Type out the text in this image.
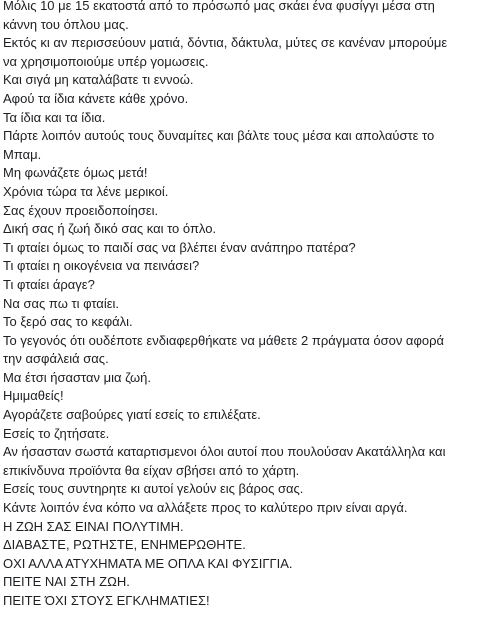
Μόλις 10 με 15 εκατοστά από το πρόσωπό μας σκάει ένα φυσίγγι μέσα στη
κάννη του όπλου μας.
Εκτός κι αν περισσεύουν ματιά, δόντια, δάκτυλα, μύτες σε κανέναν μπορούμε
να χρησιμοποιούμε υπέρ γομωσεις.
Και σιγά μη καταλάβατε τι εννοώ.
Αφού τα ίδια κάνετε κάθε χρόνο.
Τα ίδια και τα ίδια.
Πάρτε λοιπόν αυτούς τους δυναμίτες και βάλτε τους μέσα και απολαύστε το
Μπαμ.
Μη φωνάζετε όμως μετά!
Χρόνια τώρα τα λένε μερικοί.
Σας έχουν προειδοποίησει.
Δική σας ή ζωή δικό σας και το όπλο.
Τι φταίει όμως το παιδί σας να βλέπει έναν ανάπηρο πατέρα?
Τι φταίει η οικογένεια να πεινάσει?
Τι φταίει άραγε?
Να σας πω τι φταίει.
Το ξερό σας το κεφάλι.
Το γεγονός ότι ουδέποτε ενδιαφερθήκατε να μάθετε 2 πράγματα όσον αφορά
την ασφάλειά σας.
Μα έτσι ήσασταν μια ζωή.
Ημιμαθείς!
Αγοράζετε σαβούρες γιατί εσείς το επιλέξατε.
Εσείς το ζητήσατε.
Αν ήσασταν σωστά καταρτισμενοι όλοι αυτοί που πουλούσαν Ακατάλληλα και
επικίνδυνα προϊόντα θα είχαν σβήσει από το χάρτη.
Εσείς τους συντηρητε κι αυτοί γελούν εις βάρος σας.
Κάντε λοιπόν ένα κόπο να αλλάξετε προς το καλύτερο πριν είναι αργά.
Η ΖΩΗ ΣΑΣ ΕΙΝΑΙ ΠΟΛΥΤΙΜΗ.
ΔΙΑΒΑΣΤΕ, ΡΩΤΗΣΤΕ, ΕΝΗΜΕΡΩΘΗΤΕ.
ΟΧΙ ΑΛΛΑ ΑΤΥΧΗΜΑΤΑ ΜΕ ΟΠΛΑ ΚΑΙ ΦΥΣΙΓΓΙΑ.
ΠΕΙΤΕ ΝΑΙ ΣΤΗ ΖΩΗ.
ΠΕΙΤΕ ΌΧΙ ΣΤΟΥΣ ΕΓΚΛΗΜΑΤΙΕΣ!
